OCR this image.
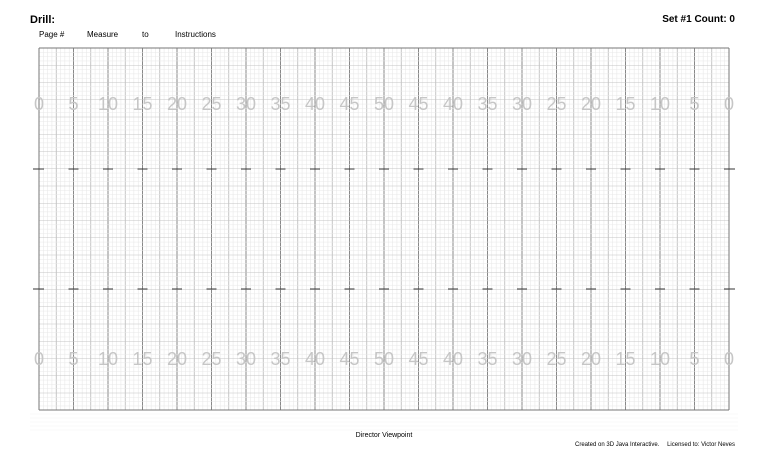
Drill:	Set #1 Count: 0
Page #	Measure	to	Instructions
0 5 10 15 20 25 30 35 40 45 50 45 40 35 30 25 20 15 10 5 0
0 5 10 15 20 25 30 35 40 45 50 45 40 35 30 25 20 15 10 5 0
Director Viewpoint
Created on 3D Java Interactive. Licensed to: Victor Neves
